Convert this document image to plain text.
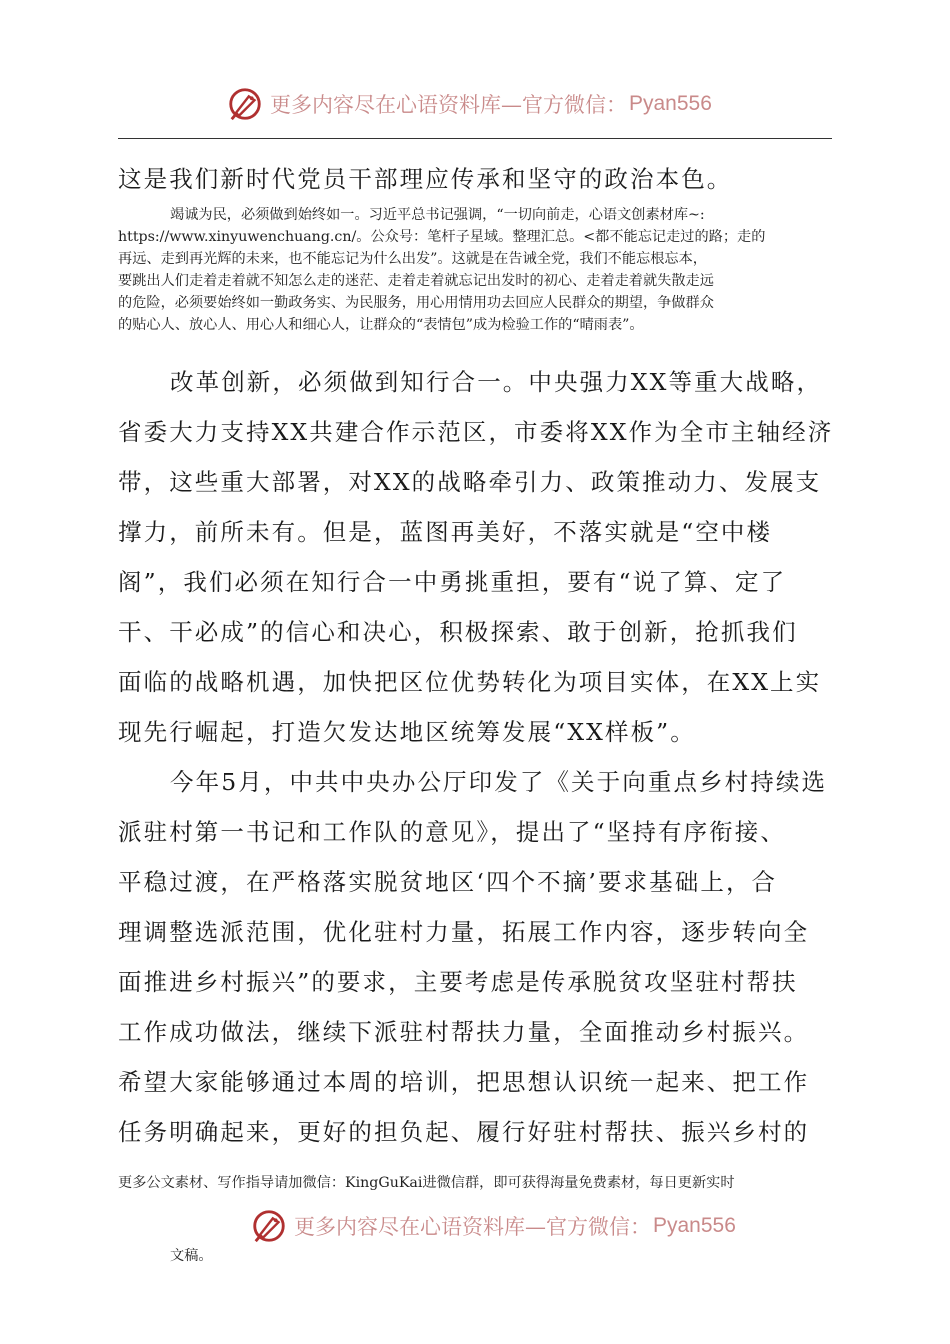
更多内容尽在心语资料库—官方微信： Pyan556
这是我们新时代党员干部理应传承和坚守的政治本色。
竭诚为民，必须做到始终如一。习近平总书记强调，“一切向前走，心语文创素材库~:
https://www.xinyuwenchuang.cn/。公众号：笔杆子星域。整理汇总。<都不能忘记走过的路；走的
再远、走到再光辉的未来，也不能忘记为什么出发”。这就是在告诫全党，我们不能忘根忘本，
要跳出人们走着走着就不知怎么走的迷茫、走着走着就忘记出发时的初心、走着走着就失散走远
的危险，必须要始终如一勤政务实、为民服务，用心用情用功去回应人民群众的期望，争做群众
的贴心人、放心人、用心人和细心人，让群众的“表情包”成为检验工作的“晴雨表”。
改革创新，必须做到知行合一。中央强力XX等重大战略，
省委大力支持XX共建合作示范区，市委将XX作为全市主轴经济
带，这些重大部署，对XX的战略牵引力、政策推动力、发展支
撑力，前所未有。但是，蓝图再美好，不落实就是“空中楼
阁”，我们必须在知行合一中勇挑重担，要有“说了算、定了
干、干必成”的信心和决心，积极探索、敢于创新，抢抓我们
面临的战略机遇，加快把区位优势转化为项目实体，在XX上实
现先行崛起，打造欠发达地区统筹发展“XX样板”。
今年5月，中共中央办公厅印发了《关于向重点乡村持续选
派驻村第一书记和工作队的意见》，提出了“坚持有序衔接、
平稳过渡，在严格落实脱贫地区‘四个不摘’要求基础上，合
理调整选派范围，优化驻村力量，拓展工作内容，逐步转向全
面推进乡村振兴”的要求，主要考虑是传承脱贫攻坚驻村帮扶
工作成功做法，继续下派驻村帮扶力量，全面推动乡村振兴。
希望大家能够通过本周的培训，把思想认识统一起来、把工作
任务明确起来，更好的担负起、履行好驻村帮扶、振兴乡村的
更多公文素材、写作指导请加微信：KingGuKai进微信群，即可获得海量免费素材，每日更新实时
文稿。
更多内容尽在心语资料库—官方微信： Pyan556
